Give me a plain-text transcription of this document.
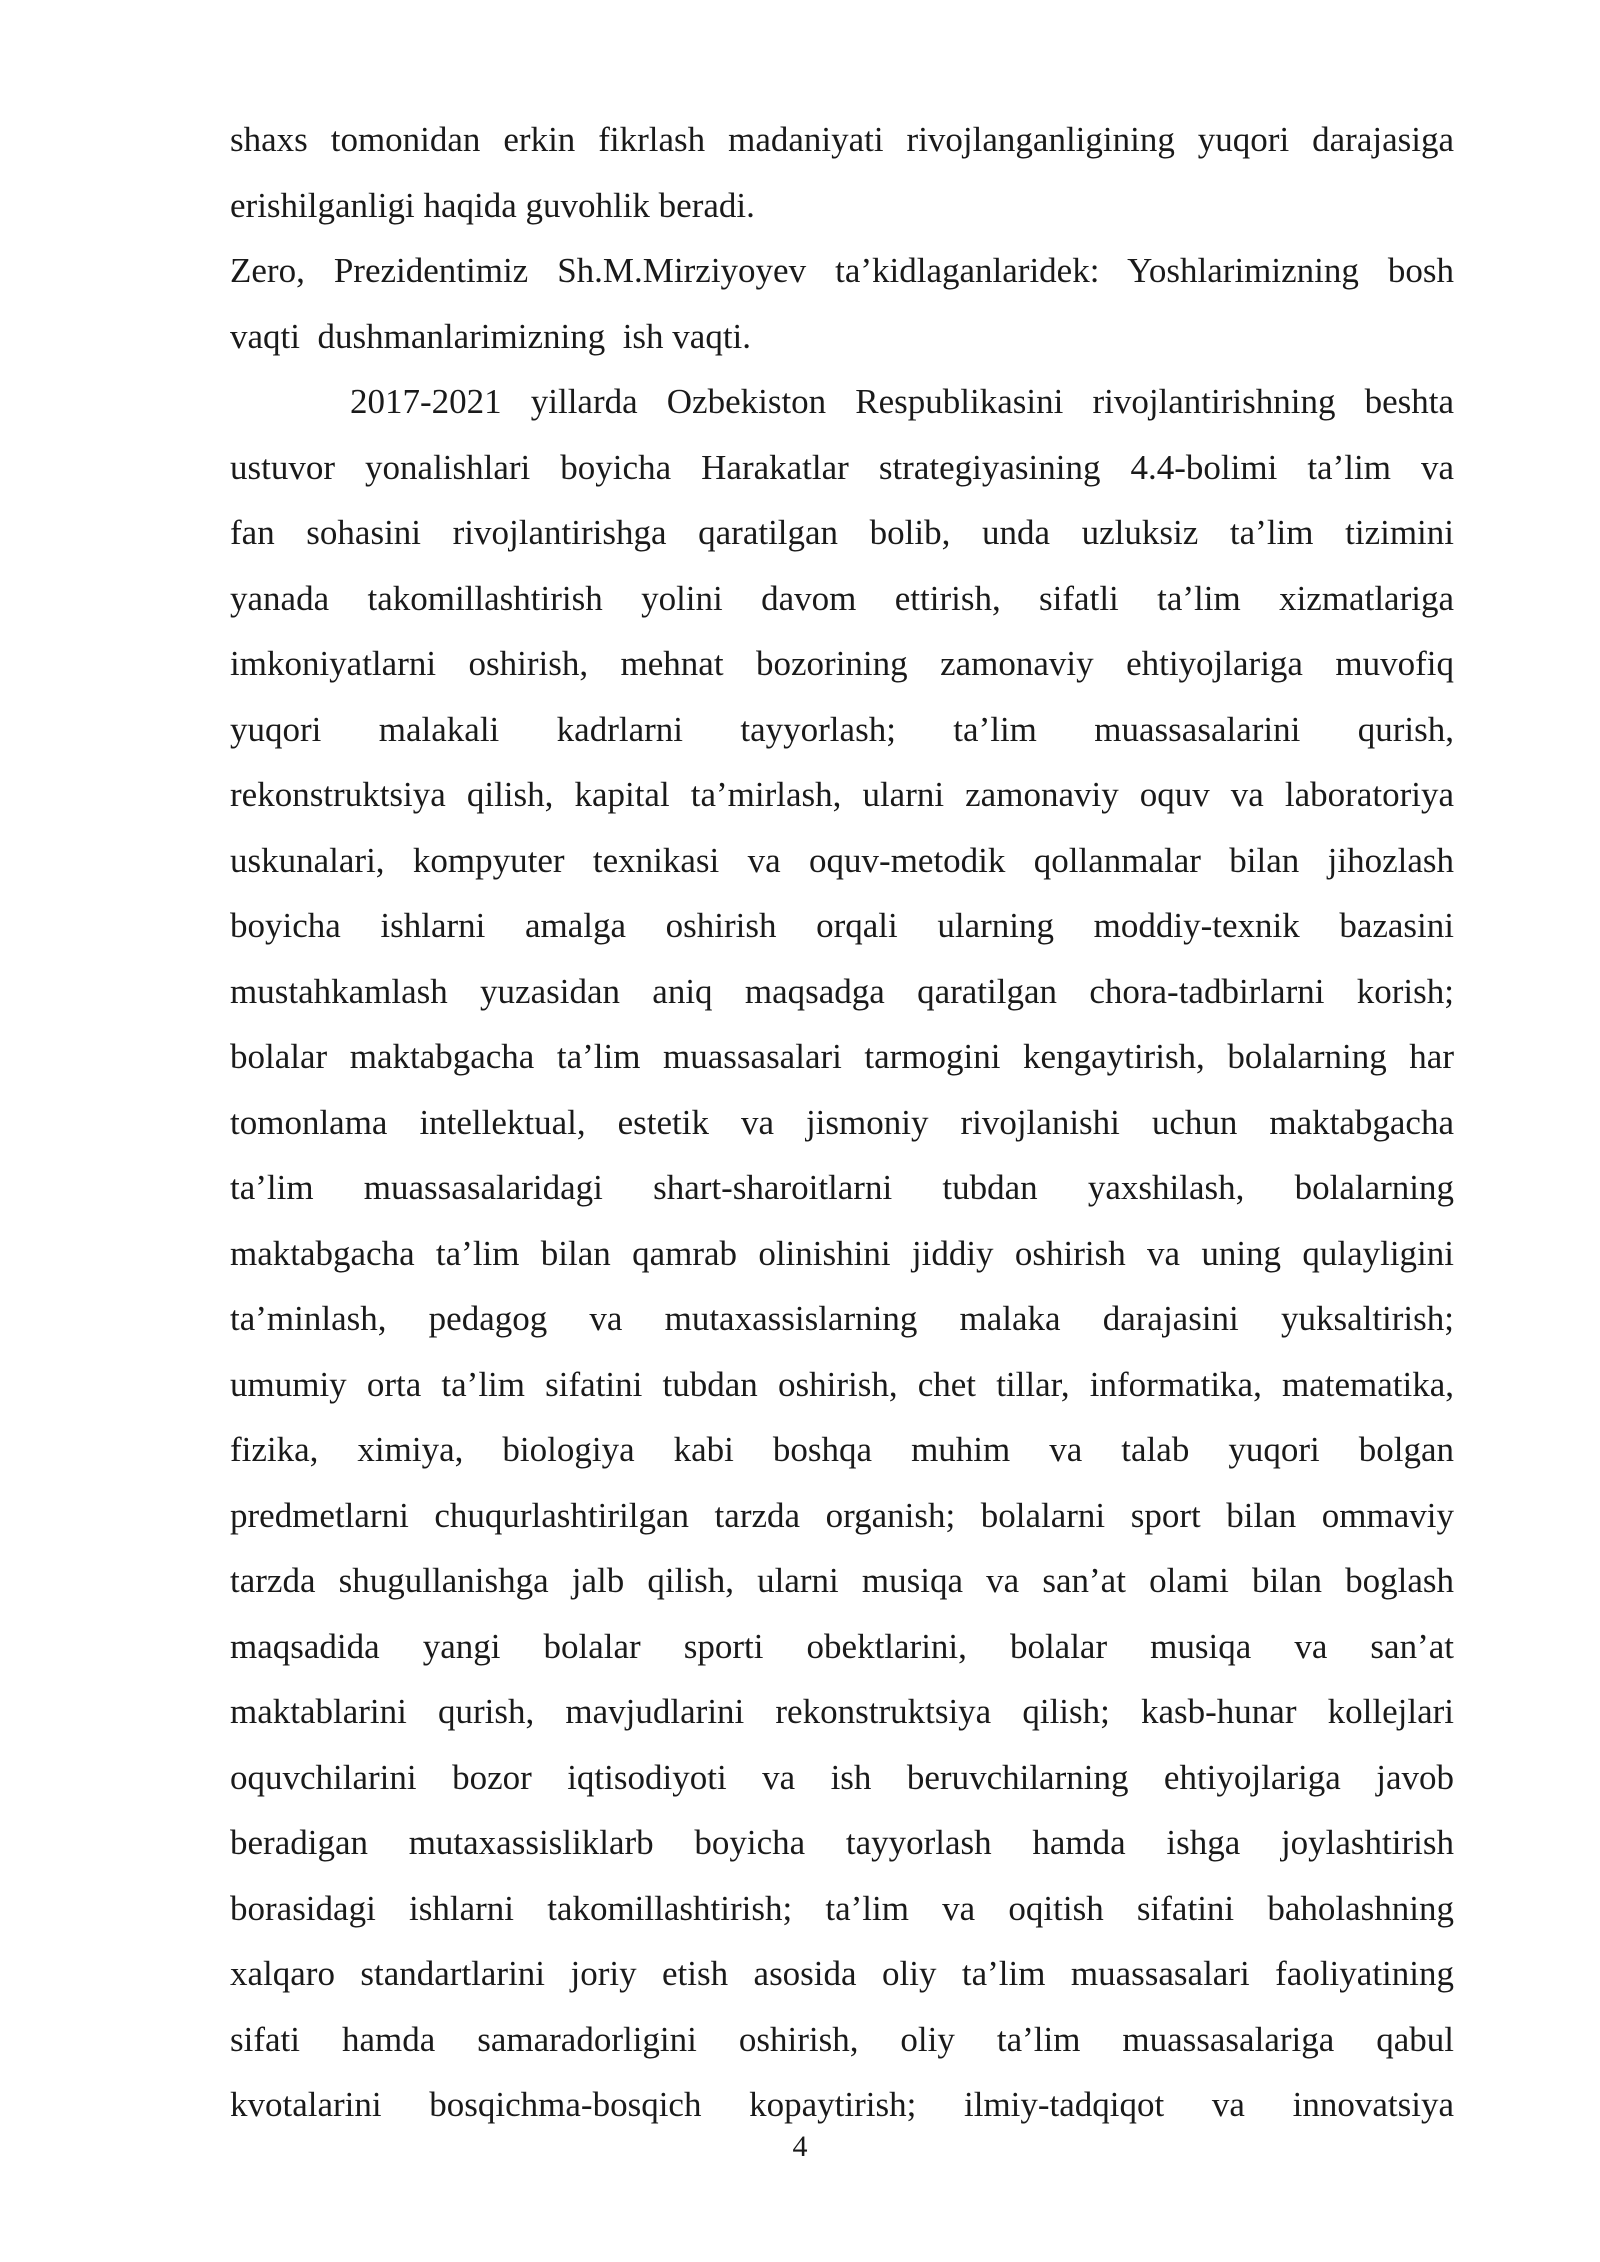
shaxs tomonidan erkin fikrlash madaniyati rivojlanganligining yuqori darajasiga
erishilganligi haqida guvohlik beradi.
Zero, Prezidentimiz Sh.M.Mirziyoyev ta’kidlaganlaridek: Yoshlarimizning bosh
vaqti  dushmanlarimizning  ish vaqti.
2017-2021 yillarda Ozbekiston Respublikasini rivojlantirishning beshta
ustuvor yonalishlari boyicha Harakatlar strategiyasining 4.4-bolimi ta’lim va
fan sohasini rivojlantirishga qaratilgan bolib, unda uzluksiz ta’lim tizimini
yanada takomillashtirish yolini davom ettirish, sifatli ta’lim xizmatlariga
imkoniyatlarni oshirish, mehnat bozorining zamonaviy ehtiyojlariga muvofiq
yuqori malakali kadrlarni tayyorlash; ta’lim muassasalarini qurish,
rekonstruktsiya qilish, kapital ta’mirlash, ularni zamonaviy oquv va laboratoriya
uskunalari, kompyuter texnikasi va oquv-metodik qollanmalar bilan jihozlash
boyicha ishlarni amalga oshirish orqali ularning moddiy-texnik bazasini
mustahkamlash yuzasidan aniq maqsadga qaratilgan chora-tadbirlarni korish;
bolalar maktabgacha ta’lim muassasalari tarmogini kengaytirish, bolalarning har
tomonlama intellektual, estetik va jismoniy rivojlanishi uchun maktabgacha
ta’lim muassasalaridagi shart-sharoitlarni tubdan yaxshilash, bolalarning
maktabgacha ta’lim bilan qamrab olinishini jiddiy oshirish va uning qulayligini
ta’minlash, pedagog va mutaxassislarning malaka darajasini yuksaltirish;
umumiy orta ta’lim sifatini tubdan oshirish, chet tillar, informatika, matematika,
fizika, ximiya, biologiya kabi boshqa muhim va talab yuqori bolgan
predmetlarni chuqurlashtirilgan tarzda organish; bolalarni sport bilan ommaviy
tarzda shugullanishga jalb qilish, ularni musiqa va san’at olami bilan boglash
maqsadida yangi bolalar sporti obektlarini, bolalar musiqa va san’at
maktablarini qurish, mavjudlarini rekonstruktsiya qilish; kasb-hunar kollejlari
oquvchilarini bozor iqtisodiyoti va ish beruvchilarning ehtiyojlariga javob
beradigan mutaxassisliklarb boyicha tayyorlash hamda ishga joylashtirish
borasidagi ishlarni takomillashtirish; ta’lim va oqitish sifatini baholashning
xalqaro standartlarini joriy etish asosida oliy ta’lim muassasalari faoliyatining
sifati hamda samaradorligini oshirish, oliy ta’lim muassasalariga qabul
kvotalarini bosqichma-bosqich kopaytirish; ilmiy-tadqiqot va innovatsiya
4
